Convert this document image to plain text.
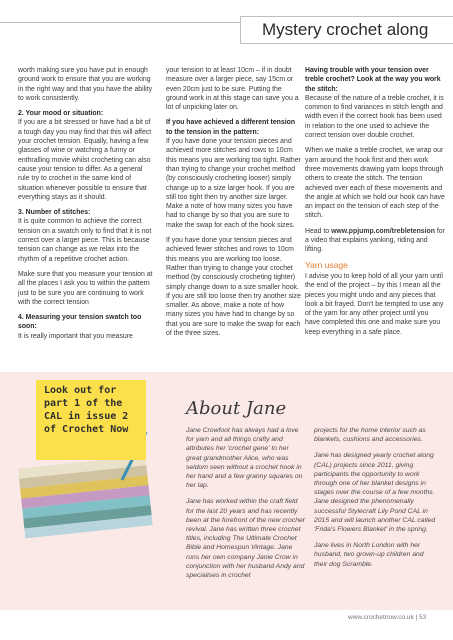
Mystery crochet along

worth making sure you have put in enough ground work to ensure that you are working in the right way and that you have the ability to work consistently.

2. Your mood or situation:

If you are a bit stressed or have had a bit of a tough day you may find that this will affect your crochet tension. Equally, having a few glasses of wine or watching a funny or enthralling movie whilst crocheting can also cause your tension to differ. As a general rule try to crochet in the same kind of situation whenever possible to ensure that everything stays as it should.

3. Number of stitches:

It is quite common to achieve the correct tension on a swatch only to find that it is not correct over a larger piece. This is because tension can change as we relax into the rhythm of a repetitive crochet action.

Make sure that you measure your tension at all the places I ask you to within the pattern just to be sure you are continuing to work with the correct tension

4. Measuring your tension swatch too soon:

It is really important that you measure

your tension to at least 10cm – if in doubt measure over a larger piece, say 15cm or even 20cm just to be sure. Putting the ground work in at this stage can save you a lot of unpicking later on.

If you have achieved a different tension to the tension in the pattern:

If you have done your tension pieces and achieved more stitches and rows to 10cm this means you are working too tight. Rather than trying to change your crochet method (by consciously crocheting looser) simply change up to a size larger hook. If you are still too tight then try another size larger. Make a note of how many sizes you have had to change by so that you are sure to make the swap for each of the hook sizes.

If you have done your tension pieces and achieved fewer stitches and rows to 10cm this means you are working too loose. Rather than trying to change your crochet method (by consciously crocheting tighter) simply change down to a size smaller hook. If you are still too loose then try another size smaller. As above, make a note of how many sizes you have had to change by so that you are sure to make the swap for each of the three sizes.

Having trouble with your tension over treble crochet? Look at the way you work the stitch:

Because of the nature of a treble crochet, it is common to find variances in stitch length and width even if the correct hook has been used in relation to the one used to achieve the correct tension over double crochet.

When we make a treble crochet, we wrap our yarn around the hook first and then work three movements drawing yarn loops through others to create the stitch. The tension achieved over each of these movements and the angle at which we hold our hook can have an impact on the tension of each step of the stitch.

Head to www.ppjump.com/trebletension for a video that explains yanking, riding and lifting.

Yarn usage

I advise you to keep hold of all your yarn until the end of the project – by this I mean all the pieces you might undo and any pieces that look a bit frayed. Don't be tempted to use any of the yarn for any other project until you have completed this one and make sure you keep everything in a safe place.

Look out for part 1 of the CAL in issue 2 of Crochet Now
About Jane

Jane Crowfoot has always had a love for yarn and all things crafty and attributes her 'crochet gene' to her great grandmother Alice, who was seldom seen without a crochet hook in her hand and a few granny squares on her lap.

Jane has worked within the craft field for the last 20 years and has recently been at the forefront of the new crochet revival. Jane has written three crochet titles, including The Ultimate Crochet Bible and Homespun Vintage. Jane runs her own company Janie Crow in conjunction with her husband Andy and specialises in crochet

projects for the home interior such as blankets, cushions and accessories.

Jane has designed yearly crochet along (CAL) projects since 2011, giving participants the opportunity to work through one of her blanket designs in stages over the course of a few months. Jane designed the phenomenally successful Stylecraft Lily Pond CAL in 2015 and will launch another CAL called 'Frida's Flowers Blanket' in the spring.

Jane lives in North London with her husband, two grown-up children and their dog Scramble.

www.crochetnow.co.uk | 53
